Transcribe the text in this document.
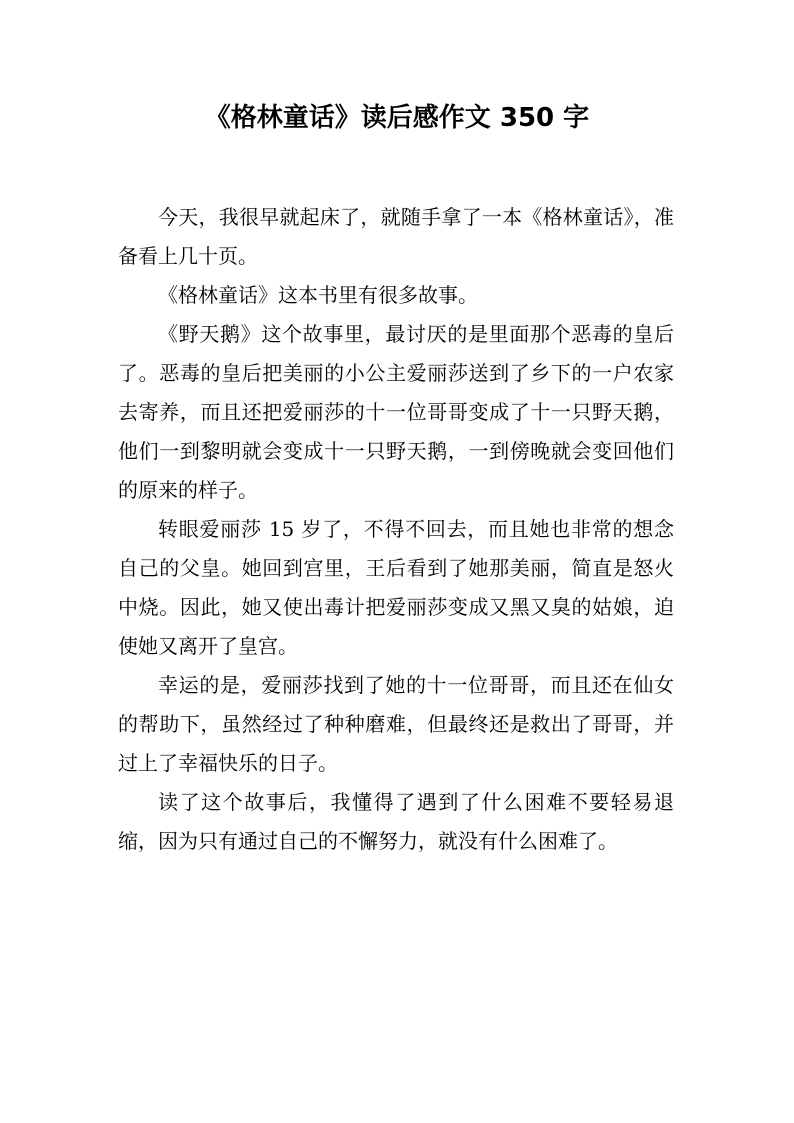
《格林童话》读后感作文 350 字

今天，我很早就起床了，就随手拿了一本《格林童话》，准备看上几十页。

《格林童话》这本书里有很多故事。

《野天鹅》这个故事里，最讨厌的是里面那个恶毒的皇后了。恶毒的皇后把美丽的小公主爱丽莎送到了乡下的一户农家去寄养，而且还把爱丽莎的十一位哥哥变成了十一只野天鹅，他们一到黎明就会变成十一只野天鹅，一到傍晚就会变回他们的原来的样子。

转眼爱丽莎 15 岁了，不得不回去，而且她也非常的想念自己的父皇。她回到宫里，王后看到了她那美丽，简直是怒火中烧。因此，她又使出毒计把爱丽莎变成又黑又臭的姑娘，迫使她又离开了皇宫。

幸运的是，爱丽莎找到了她的十一位哥哥，而且还在仙女的帮助下，虽然经过了种种磨难，但最终还是救出了哥哥，并过上了幸福快乐的日子。

读了这个故事后，我懂得了遇到了什么困难不要轻易退缩，因为只有通过自己的不懈努力，就没有什么困难了。
